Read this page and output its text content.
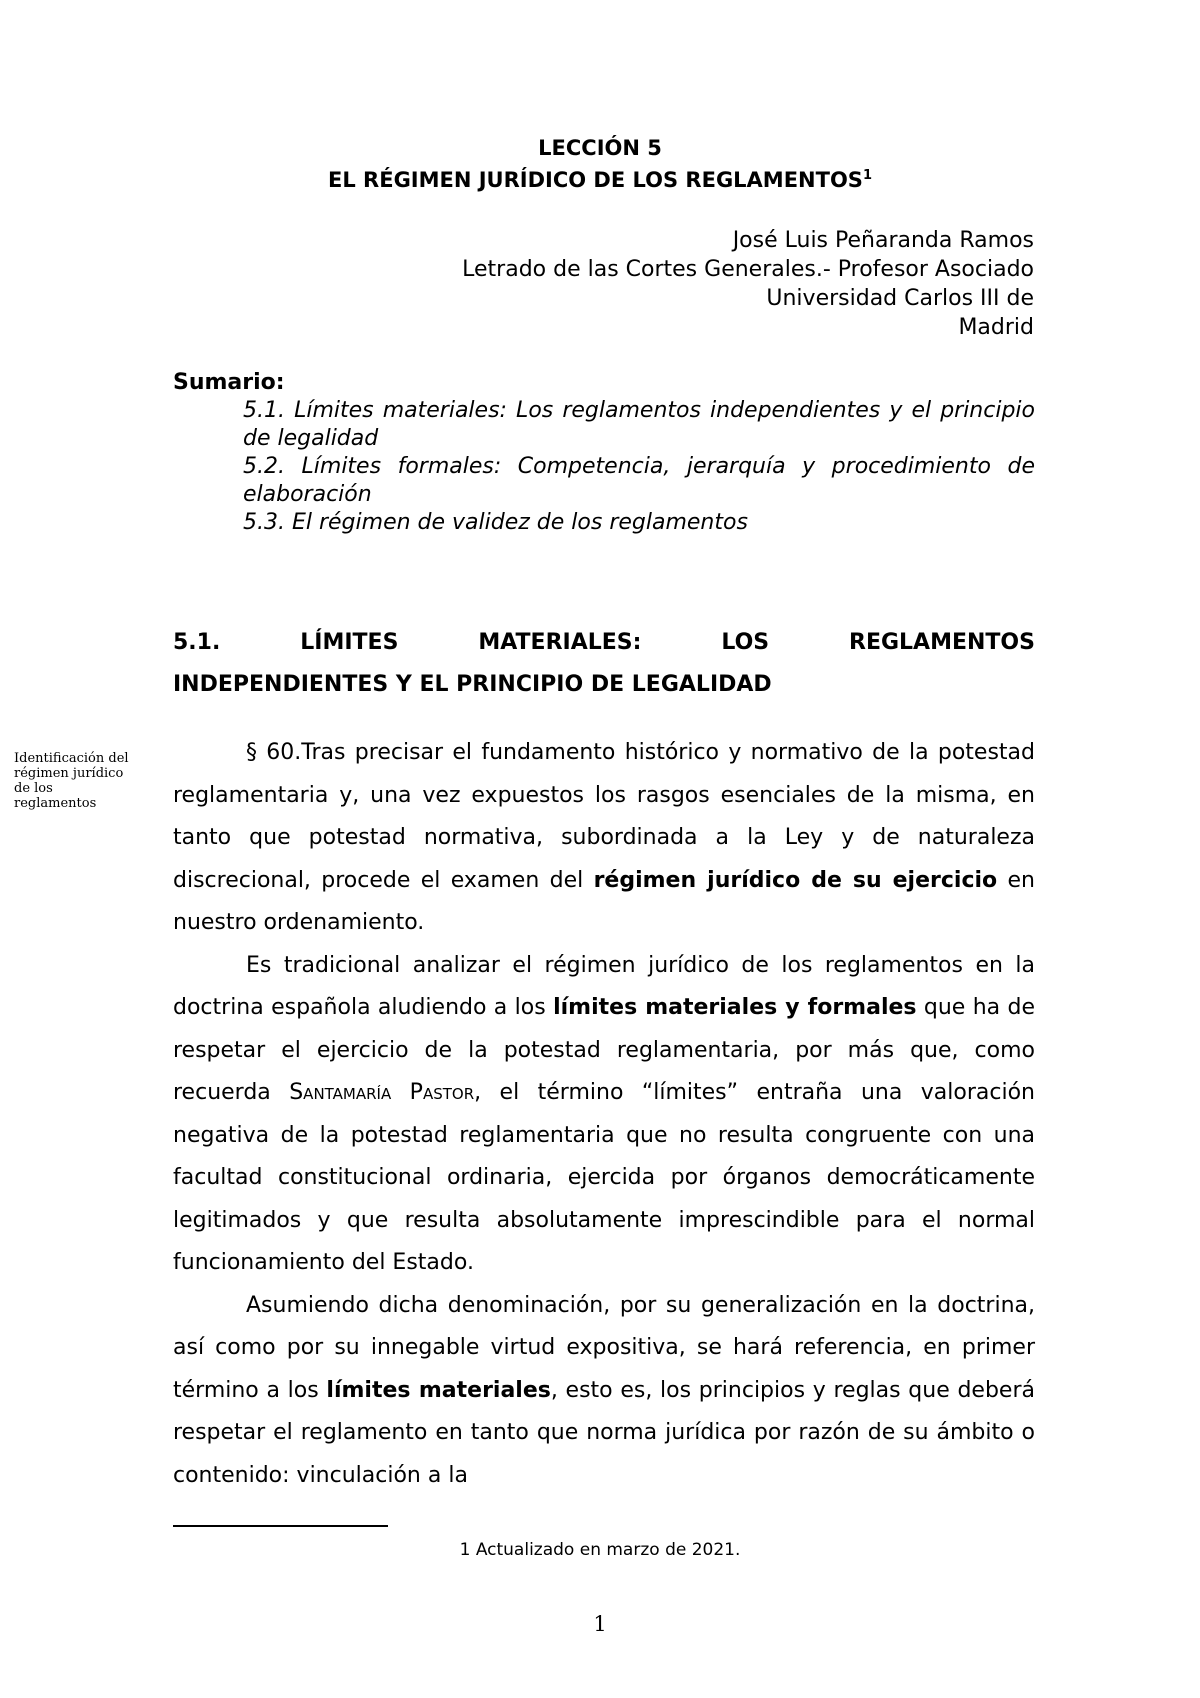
LECCIÓN 5
EL RÉGIMEN JURÍDICO DE LOS REGLAMENTOS$^1$
José Luis Peñaranda Ramos
Letrado de las Cortes Generales.- Profesor Asociado
Universidad Carlos III de
Madrid
Sumario:

5.1. Límites materiales: Los reglamentos independientes y el principio de legalidad

5.2. Límites formales: Competencia, jerarquía y procedimiento de elaboración

5.3. El régimen de validez de los reglamentos

5.1.	LÍMITES	MATERIALES:	LOS	REGLAMENTOS
INDEPENDIENTES Y EL PRINCIPIO DE LEGALIDAD
Identificación del régimen jurídico de los reglamentos

§ 60.Tras precisar el fundamento histórico y normativo de la potestad reglamentaria y, una vez expuestos los rasgos esenciales de la misma, en tanto que potestad normativa, subordinada a la Ley y de naturaleza discrecional, procede el examen del régimen jurídico de su ejercicio en nuestro ordenamiento.

Es tradicional analizar el régimen jurídico de los reglamentos en la doctrina española aludiendo a los límites materiales y formales que ha de respetar el ejercicio de la potestad reglamentaria, por más que, como recuerda Santamaría Pastor, el término “límites” entraña una valoración negativa de la potestad reglamentaria que no resulta congruente con una facultad constitucional ordinaria, ejercida por órganos democráticamente legitimados y que resulta absolutamente imprescindible para el normal funcionamiento del Estado.

Asumiendo dicha denominación, por su generalización en la doctrina, así como por su innegable virtud expositiva, se hará referencia, en primer término a los límites materiales, esto es, los principios y reglas que deberá respetar el reglamento en tanto que norma jurídica por razón de su ámbito o contenido: vinculación a la

1 Actualizado en marzo de 2021.
1
